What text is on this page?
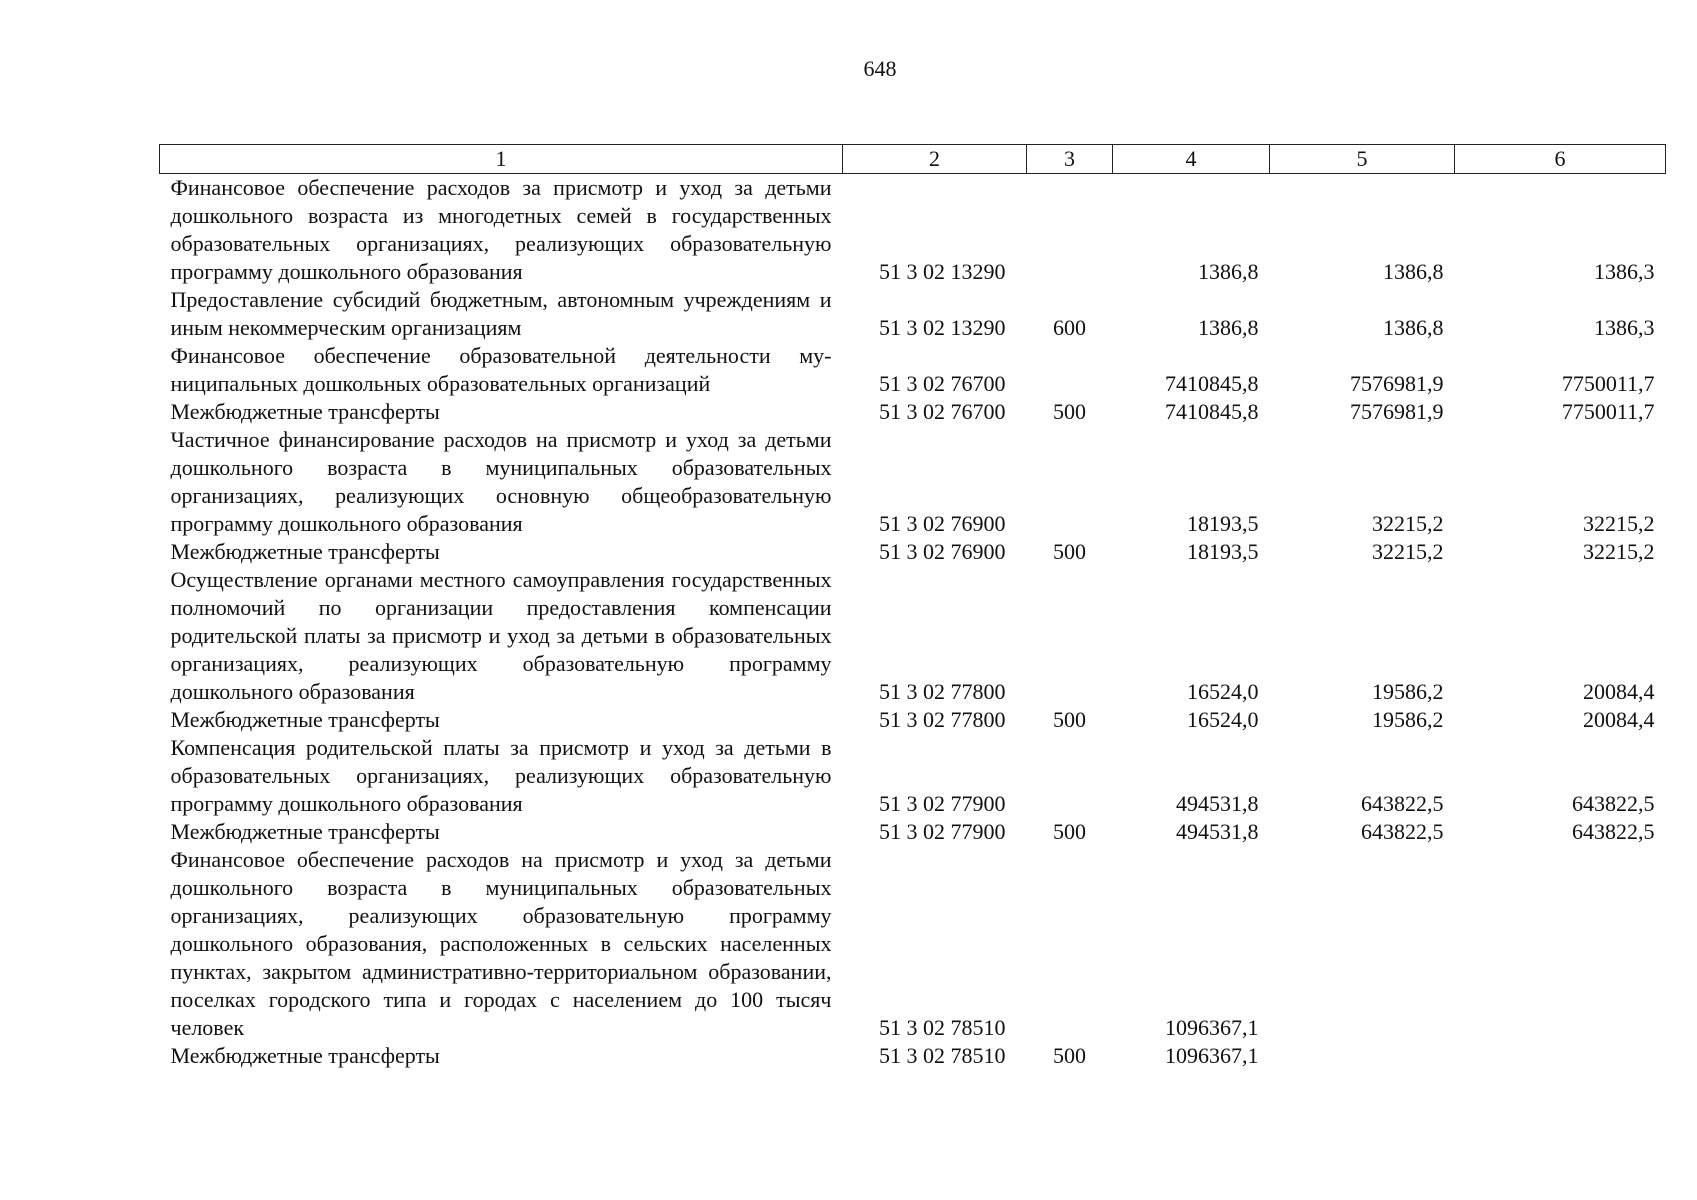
648
1	2	3	4	5	6
Финансовое обеспечение расходов за присмотр и уход за детьми дошкольного возраста из многодетных семей в государственных образовательных организациях, реализующих образовательную программу дошкольного образования	51 3 02 13290		1386,8	1386,8	1386,3
Предоставление субсидий бюджетным, автономным учреждениям и иным некоммерческим организациям	51 3 02 13290	600	1386,8	1386,8	1386,3
Финансовое обеспечение образовательной деятельности муниципальных дошкольных образовательных организаций	51 3 02 76700		7410845,8	7576981,9	7750011,7
Межбюджетные трансферты	51 3 02 76700	500	7410845,8	7576981,9	7750011,7
Частичное финансирование расходов на присмотр и уход за детьми дошкольного возраста в муниципальных образовательных организациях, реализующих основную общеобразовательную программу дошкольного образования	51 3 02 76900		18193,5	32215,2	32215,2
Межбюджетные трансферты	51 3 02 76900	500	18193,5	32215,2	32215,2
Осуществление органами местного самоуправления государственных полномочий по организации предоставления компенсации родительской платы за присмотр и уход за детьми в образовательных организациях, реализующих образовательную программу дошкольного образования	51 3 02 77800		16524,0	19586,2	20084,4
Межбюджетные трансферты	51 3 02 77800	500	16524,0	19586,2	20084,4
Компенсация родительской платы за присмотр и уход за детьми в образовательных организациях, реализующих образовательную программу дошкольного образования	51 3 02 77900		494531,8	643822,5	643822,5
Межбюджетные трансферты	51 3 02 77900	500	494531,8	643822,5	643822,5
Финансовое обеспечение расходов на присмотр и уход за детьми дошкольного возраста в муниципальных образовательных организациях, реализующих образовательную программу дошкольного образования, расположенных в сельских населенных пунктах, закрытом административно-территориальном образовании, поселках городского типа и городах с населением до 100 тысяч человек	51 3 02 78510		1096367,1		
Межбюджетные трансферты	51 3 02 78510	500	1096367,1		
